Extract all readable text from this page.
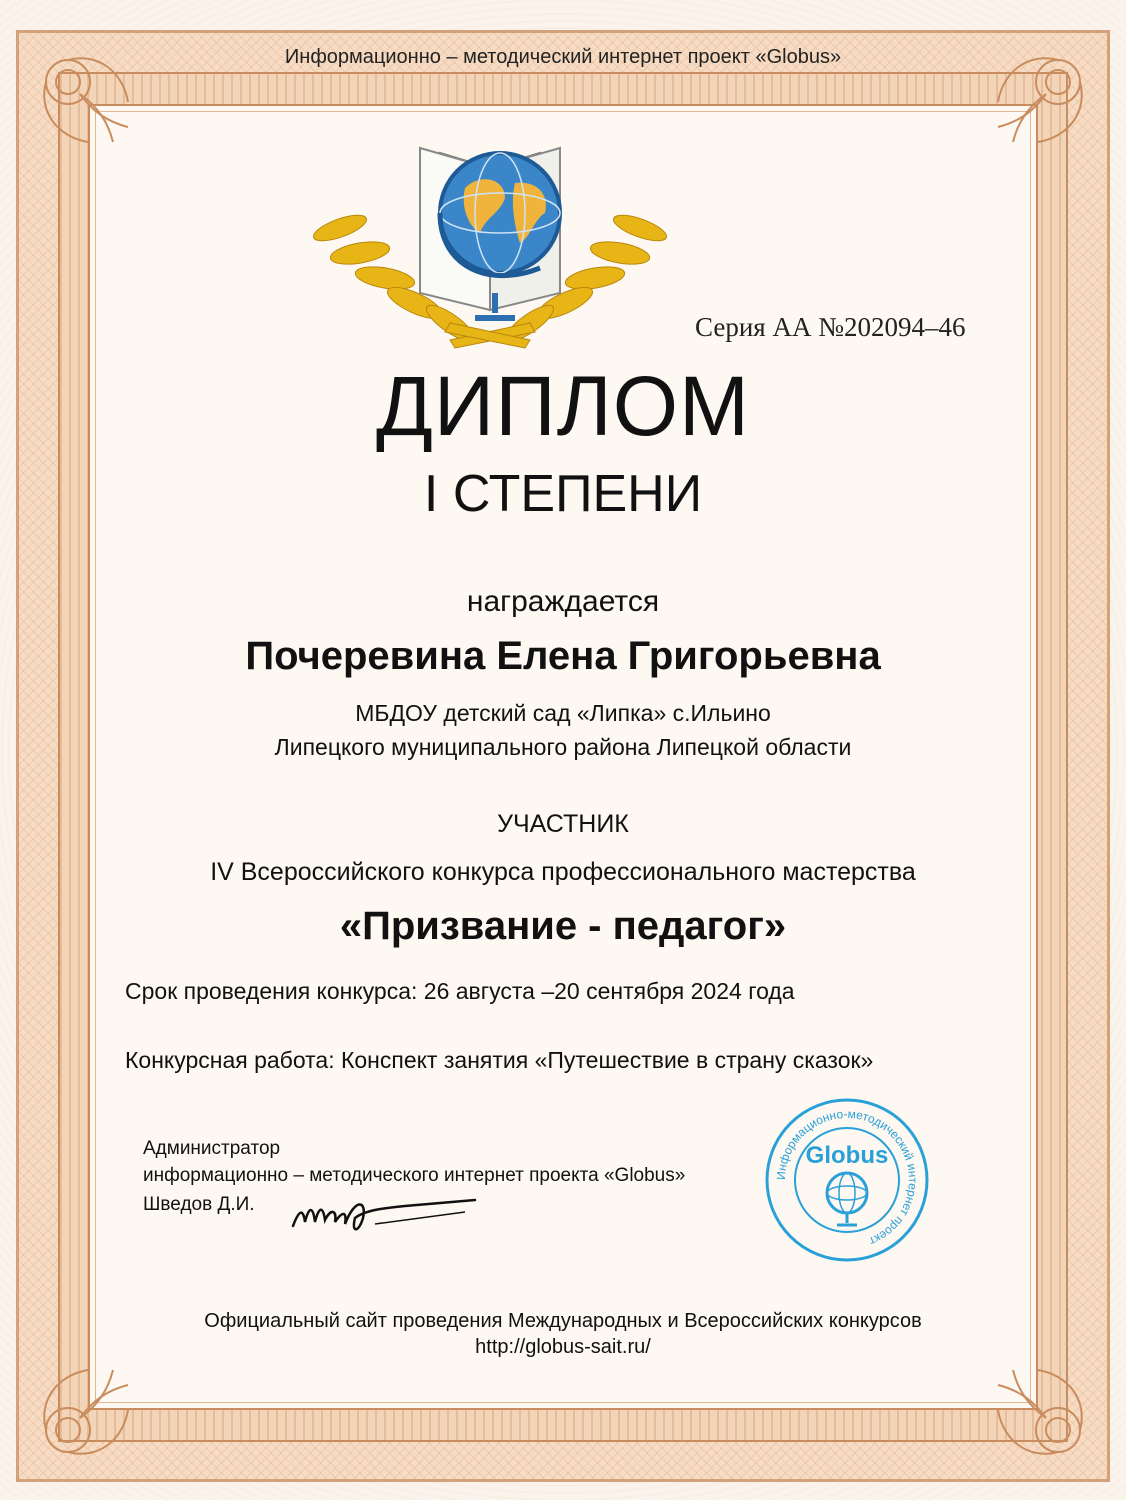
Информационно – методический интернет проект «Globus»
Серия АА №202094–46
ДИПЛОМ
I СТЕПЕНИ
награждается
Почеревина Елена Григорьевна
МБДОУ детский сад «Липка» с.Ильино
Липецкого муниципального района Липецкой области
УЧАСТНИК
IV Всероссийского конкурса профессионального мастерства
«Призвание - педагог»
Срок проведения конкурса: 26 августа –20 сентября 2024 года
Конкурсная работа: Конспект занятия «Путешествие в страну сказок»
Администратор
информационно – методического интернет проекта «Globus»
Шведов Д.И.
Информационно-методический интернет проект
Globus
Официальный сайт проведения Международных и Всероссийских конкурсов
http://globus-sait.ru/
